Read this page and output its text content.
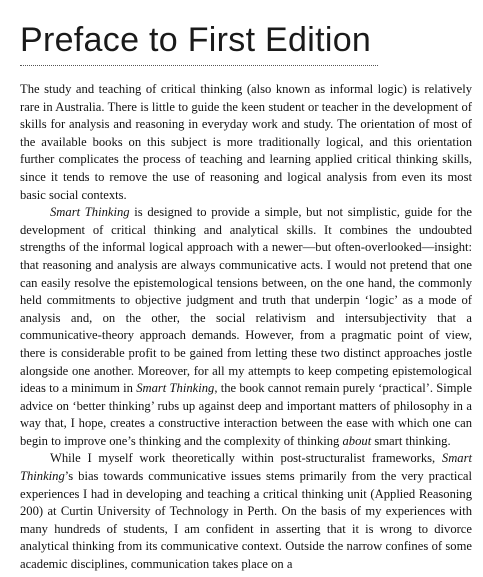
Preface to First Edition

The study and teaching of critical thinking (also known as informal logic) is relatively rare in Australia. There is little to guide the keen student or teacher in the development of skills for analysis and reasoning in everyday work and study. The orientation of most of the available books on this subject is more traditionally logical, and this orientation further complicates the process of teaching and learning applied critical thinking skills, since it tends to remove the use of reasoning and logical analysis from even its most basic social contexts.

Smart Thinking is designed to provide a simple, but not simplistic, guide for the development of critical thinking and analytical skills. It combines the undoubted strengths of the informal logical approach with a newer—but often-overlooked—insight: that reasoning and analysis are always communicative acts. I would not pretend that one can easily resolve the epistemological tensions between, on the one hand, the commonly held commitments to objective judgment and truth that underpin ‘logic’ as a mode of analysis and, on the other, the social relativism and intersubjectivity that a communicative-theory approach demands. However, from a pragmatic point of view, there is considerable profit to be gained from letting these two distinct approaches jostle alongside one another. Moreover, for all my attempts to keep competing epistemological ideas to a minimum in Smart Thinking, the book cannot remain purely ‘practical’. Simple advice on ‘better thinking’ rubs up against deep and important matters of philosophy in a way that, I hope, creates a constructive interaction between the ease with which one can begin to improve one’s thinking and the complexity of thinking about smart thinking.

While I myself work theoretically within post-structuralist frameworks, Smart Thinking’s bias towards communicative issues stems primarily from the very practical experiences I had in developing and teaching a critical thinking unit (Applied Reasoning 200) at Curtin University of Technology in Perth. On the basis of my experiences with many hundreds of students, I am confident in asserting that it is wrong to divorce analytical thinking from its communicative context. Outside the narrow confines of some academic disciplines, communication takes place on a
